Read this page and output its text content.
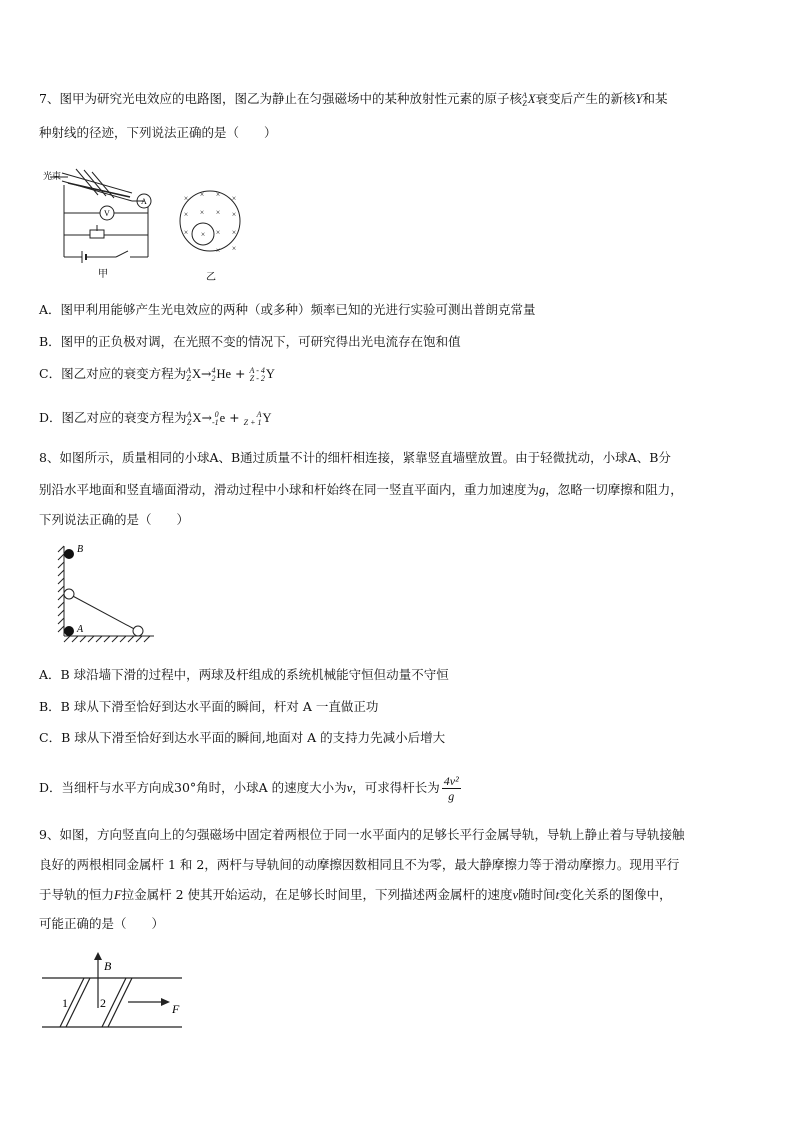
7、图甲为研究光电效应的电路图，图乙为静止在匀强磁场中的某种放射性元素的原子核 A
Z X衰变后产生的新核Y和某
种射线的径迹，下列说法正确的是（　　）
光束
V
A
甲
× × × ×
× × × ×
× × × ×
× ×
乙
A．图甲利用能够产生光电效应的两种（或多种）频率已知的光进行实验可测出普朗克常量
B．图甲的正负极对调，在光照不变的情况下，可研究得出光电流存在饱和值
C．图乙对应的衰变方程为 A
Z X→ 4
2 He + A - 4
Z - 2 Y
D．图乙对应的衰变方程为 A
Z X→ 0
-1 e +	A
Z + 1 Y
8、如图所示，质量相同的小球A、B通过质量不计的细杆相连接，紧靠竖直墙壁放置。由于轻微扰动，小球A、B分
别沿水平地面和竖直墙面滑动，滑动过程中小球和杆始终在同一竖直平面内，重力加速度为g，忽略一切摩擦和阻力，
下列说法正确的是（　　）
B
A
A．B 球沿墙下滑的过程中，两球及杆组成的系统机械能守恒但动量不守恒
B．B 球从下滑至恰好到达水平面的瞬间，杆对 A 一直做正功
C．B 球从下滑至恰好到达水平面的瞬间,地面对 A 的支持力先减小后增大
D．当细杆与水平方向成30°角时，小球A 的速度大小为v，可求得杆长为 $\frac{\text{4v²}}{g}$
9、如图，方向竖直向上的匀强磁场中固定着两根位于同一水平面内的足够长平行金属导轨，导轨上静止着与导轨接触
良好的两根相同金属杆 1 和 2，两杆与导轨间的动摩擦因数相同且不为零，最大静摩擦力等于滑动摩擦力。现用平行
于导轨的恒力F拉金属杆 2 使其开始运动，在足够长时间里，下列描述两金属杆的速度v随时间t变化关系的图像中，
可能正确的是（　　）
B
1	2	F
